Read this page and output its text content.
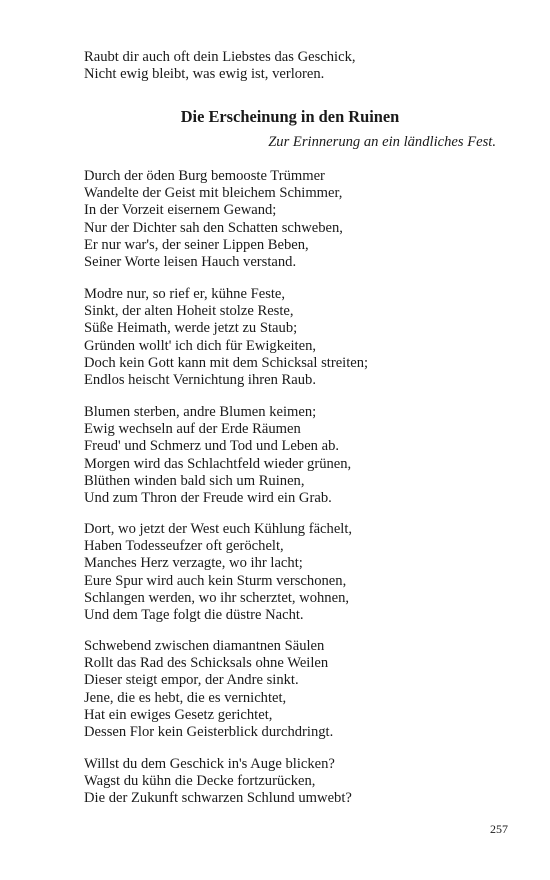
Raubt dir auch oft dein Liebstes das Geschick,
Nicht ewig bleibt, was ewig ist, verloren.
Die Erscheinung in den Ruinen
Zur Erinnerung an ein ländliches Fest.
Durch der öden Burg bemooste Trümmer
Wandelte der Geist mit bleichem Schimmer,
In der Vorzeit eisernem Gewand;
Nur der Dichter sah den Schatten schweben,
Er nur war's, der seiner Lippen Beben,
Seiner Worte leisen Hauch verstand.
Modre nur, so rief er, kühne Feste,
Sinkt, der alten Hoheit stolze Reste,
Süße Heimath, werde jetzt zu Staub;
Gründen wollt' ich dich für Ewigkeiten,
Doch kein Gott kann mit dem Schicksal streiten;
Endlos heischt Vernichtung ihren Raub.
Blumen sterben, andre Blumen keimen;
Ewig wechseln auf der Erde Räumen
Freud' und Schmerz und Tod und Leben ab.
Morgen wird das Schlachtfeld wieder grünen,
Blüthen winden bald sich um Ruinen,
Und zum Thron der Freude wird ein Grab.
Dort, wo jetzt der West euch Kühlung fächelt,
Haben Todesseufzer oft geröchelt,
Manches Herz verzagte, wo ihr lacht;
Eure Spur wird auch kein Sturm verschonen,
Schlangen werden, wo ihr scherztet, wohnen,
Und dem Tage folgt die düstre Nacht.
Schwebend zwischen diamantnen Säulen
Rollt das Rad des Schicksals ohne Weilen
Dieser steigt empor, der Andre sinkt.
Jene, die es hebt, die es vernichtet,
Hat ein ewiges Gesetz gerichtet,
Dessen Flor kein Geisterblick durchdringt.
Willst du dem Geschick in's Auge blicken?
Wagst du kühn die Decke fortzurücken,
Die der Zukunft schwarzen Schlund umwebt?
257
